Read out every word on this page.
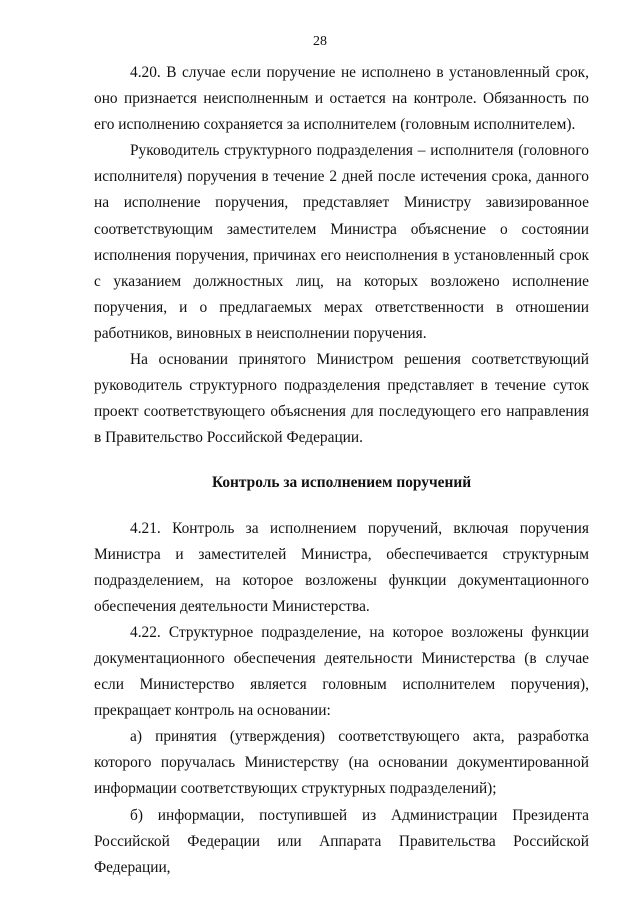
28

4.20. В случае если поручение не исполнено в установленный срок, оно признается неисполненным и остается на контроле. Обязанность по его исполнению сохраняется за исполнителем (головным исполнителем).

Руководитель структурного подразделения – исполнителя (головного исполнителя) поручения в течение 2 дней после истечения срока, данного на исполнение поручения, представляет Министру завизированное соответствующим заместителем Министра объяснение о состоянии исполнения поручения, причинах его неисполнения в установленный срок с указанием должностных лиц, на которых возложено исполнение поручения, и о предлагаемых мерах ответственности в отношении работников, виновных в неисполнении поручения.

На основании принятого Министром решения соответствующий руководитель структурного подразделения представляет в течение суток проект соответствующего объяснения для последующего его направления в Правительство Российской Федерации.

Контроль за исполнением поручений

4.21. Контроль за исполнением поручений, включая поручения Министра и заместителей Министра, обеспечивается структурным подразделением, на которое возложены функции документационного обеспечения деятельности Министерства.

4.22. Структурное подразделение, на которое возложены функции документационного обеспечения деятельности Министерства (в случае если Министерство является головным исполнителем поручения), прекращает контроль на основании:

а) принятия (утверждения) соответствующего акта, разработка которого поручалась Министерству (на основании документированной информации соответствующих структурных подразделений);

б) информации, поступившей из Администрации Президента Российской Федерации или Аппарата Правительства Российской Федерации,
